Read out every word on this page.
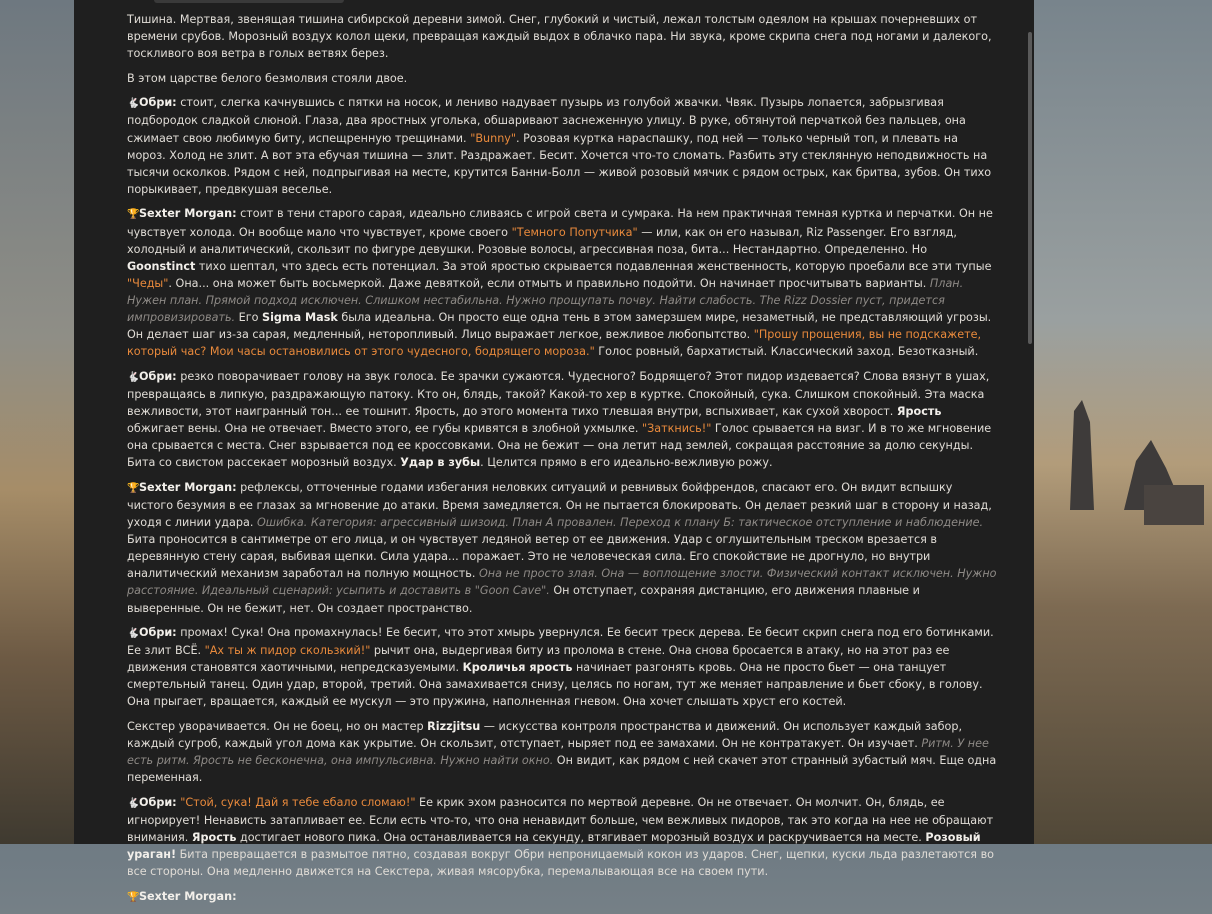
Тишина. Мертвая, звенящая тишина сибирской деревни зимой. Снег, глубокий и чистый, лежал толстым одеялом на крышах почерневших от времени срубов. Морозный воздух колол щеки, превращая каждый выдох в облачко пара. Ни звука, кроме скрипа снега под ногами и далекого, тоскливого воя ветра в голых ветвях берез.

В этом царстве белого безмолвия стояли двое.

🐇Обри: стоит, слегка качнувшись с пятки на носок, и лениво надувает пузырь из голубой жвачки. Чвяк. Пузырь лопается, забрызгивая подбородок сладкой слюной. Глаза, два яростных уголька, обшаривают заснеженную улицу. В руке, обтянутой перчаткой без пальцев, она сжимает свою любимую биту, испещренную трещинами. "Bunny". Розовая куртка нараспашку, под ней — только черный топ, и плевать на мороз. Холод не злит. А вот эта ебучая тишина — злит. Раздражает. Бесит. Хочется что-то сломать. Разбить эту стеклянную неподвижность на тысячи осколков. Рядом с ней, подпрыгивая на месте, крутится Банни-Болл — живой розовый мячик с рядом острых, как бритва, зубов. Он тихо порыкивает, предвкушая веселье.

🏆Sexter Morgan: стоит в тени старого сарая, идеально сливаясь с игрой света и сумрака. На нем практичная темная куртка и перчатки. Он не чувствует холода. Он вообще мало что чувствует, кроме своего "Темного Попутчика" — или, как он его называл, Riz Passenger. Его взгляд, холодный и аналитический, скользит по фигуре девушки. Розовые волосы, агрессивная поза, бита... Нестандартно. Определенно. Но Goonstinct тихо шептал, что здесь есть потенциал. За этой яростью скрывается подавленная женственность, которую проебали все эти тупые "Чеды". Она... она может быть восьмеркой. Даже девяткой, если отмыть и правильно подойти. Он начинает просчитывать варианты. План. Нужен план. Прямой подход исключен. Слишком нестабильна. Нужно прощупать почву. Найти слабость. The Rizz Dossier пуст, придется импровизировать. Его Sigma Mask была идеальна. Он просто еще одна тень в этом замерзшем мире, незаметный, не представляющий угрозы. Он делает шаг из-за сарая, медленный, неторопливый. Лицо выражает легкое, вежливое любопытство. "Прошу прощения, вы не подскажете, который час? Мои часы остановились от этого чудесного, бодрящего мороза." Голос ровный, бархатистый. Классический заход. Безотказный.

🐇Обри: резко поворачивает голову на звук голоса. Ее зрачки сужаются. Чудесного? Бодрящего? Этот пидор издевается? Слова вязнут в ушах, превращаясь в липкую, раздражающую патоку. Кто он, блядь, такой? Какой-то хер в куртке. Спокойный, сука. Слишком спокойный. Эта маска вежливости, этот наигранный тон... ее тошнит. Ярость, до этого момента тихо тлевшая внутри, вспыхивает, как сухой хворост. Ярость обжигает вены. Она не отвечает. Вместо этого, ее губы кривятся в злобной ухмылке. "Заткнись!" Голос срывается на визг. И в то же мгновение она срывается с места. Снег взрывается под ее кроссовками. Она не бежит — она летит над землей, сокращая расстояние за долю секунды. Бита со свистом рассекает морозный воздух. Удар в зубы. Целится прямо в его идеально-вежливую рожу.

🏆Sexter Morgan: рефлексы, отточенные годами избегания неловких ситуаций и ревнивых бойфрендов, спасают его. Он видит вспышку чистого безумия в ее глазах за мгновение до атаки. Время замедляется. Он не пытается блокировать. Он делает резкий шаг в сторону и назад, уходя с линии удара. Ошибка. Категория: агрессивный шизоид. План А провален. Переход к плану Б: тактическое отступление и наблюдение. Бита проносится в сантиметре от его лица, и он чувствует ледяной ветер от ее движения. Удар с оглушительным треском врезается в деревянную стену сарая, выбивая щепки. Сила удара... поражает. Это не человеческая сила. Его спокойствие не дрогнуло, но внутри аналитический механизм заработал на полную мощность. Она не просто злая. Она — воплощение злости. Физический контакт исключен. Нужно расстояние. Идеальный сценарий: усыпить и доставить в "Goon Cave". Он отступает, сохраняя дистанцию, его движения плавные и выверенные. Он не бежит, нет. Он создает пространство.

🐇Обри: промах! Сука! Она промахнулась! Ее бесит, что этот хмырь увернулся. Ее бесит треск дерева. Ее бесит скрип снега под его ботинками. Ее злит ВСЁ. "Ах ты ж пидор скользкий!" рычит она, выдергивая биту из пролома в стене. Она снова бросается в атаку, но на этот раз ее движения становятся хаотичными, непредсказуемыми. Кроличья ярость начинает разгонять кровь. Она не просто бьет — она танцует смертельный танец. Один удар, второй, третий. Она замахивается снизу, целясь по ногам, тут же меняет направление и бьет сбоку, в голову. Она прыгает, вращается, каждый ее мускул — это пружина, наполненная гневом. Она хочет слышать хруст его костей.

Секстер уворачивается. Он не боец, но он мастер Rizzjitsu — искусства контроля пространства и движений. Он использует каждый забор, каждый сугроб, каждый угол дома как укрытие. Он скользит, отступает, ныряет под ее замахами. Он не контратакует. Он изучает. Ритм. У нее есть ритм. Ярость не бесконечна, она импульсивна. Нужно найти окно. Он видит, как рядом с ней скачет этот странный зубастый мяч. Еще одна переменная.

🐇Обри: "Стой, сука! Дай я тебе ебало сломаю!" Ее крик эхом разносится по мертвой деревне. Он не отвечает. Он молчит. Он, блядь, ее игнорирует! Ненависть затапливает ее. Если есть что-то, что она ненавидит больше, чем вежливых пидоров, так это когда на нее не обращают внимания. Ярость достигает нового пика. Она останавливается на секунду, втягивает морозный воздух и раскручивается на месте. Розовый ураган! Бита превращается в размытое пятно, создавая вокруг Обри непроницаемый кокон из ударов. Снег, щепки, куски льда разлетаются во все стороны. Она медленно движется на Секстера, живая мясорубка, перемалывающая все на своем пути.

🏆Sexter Morgan:
